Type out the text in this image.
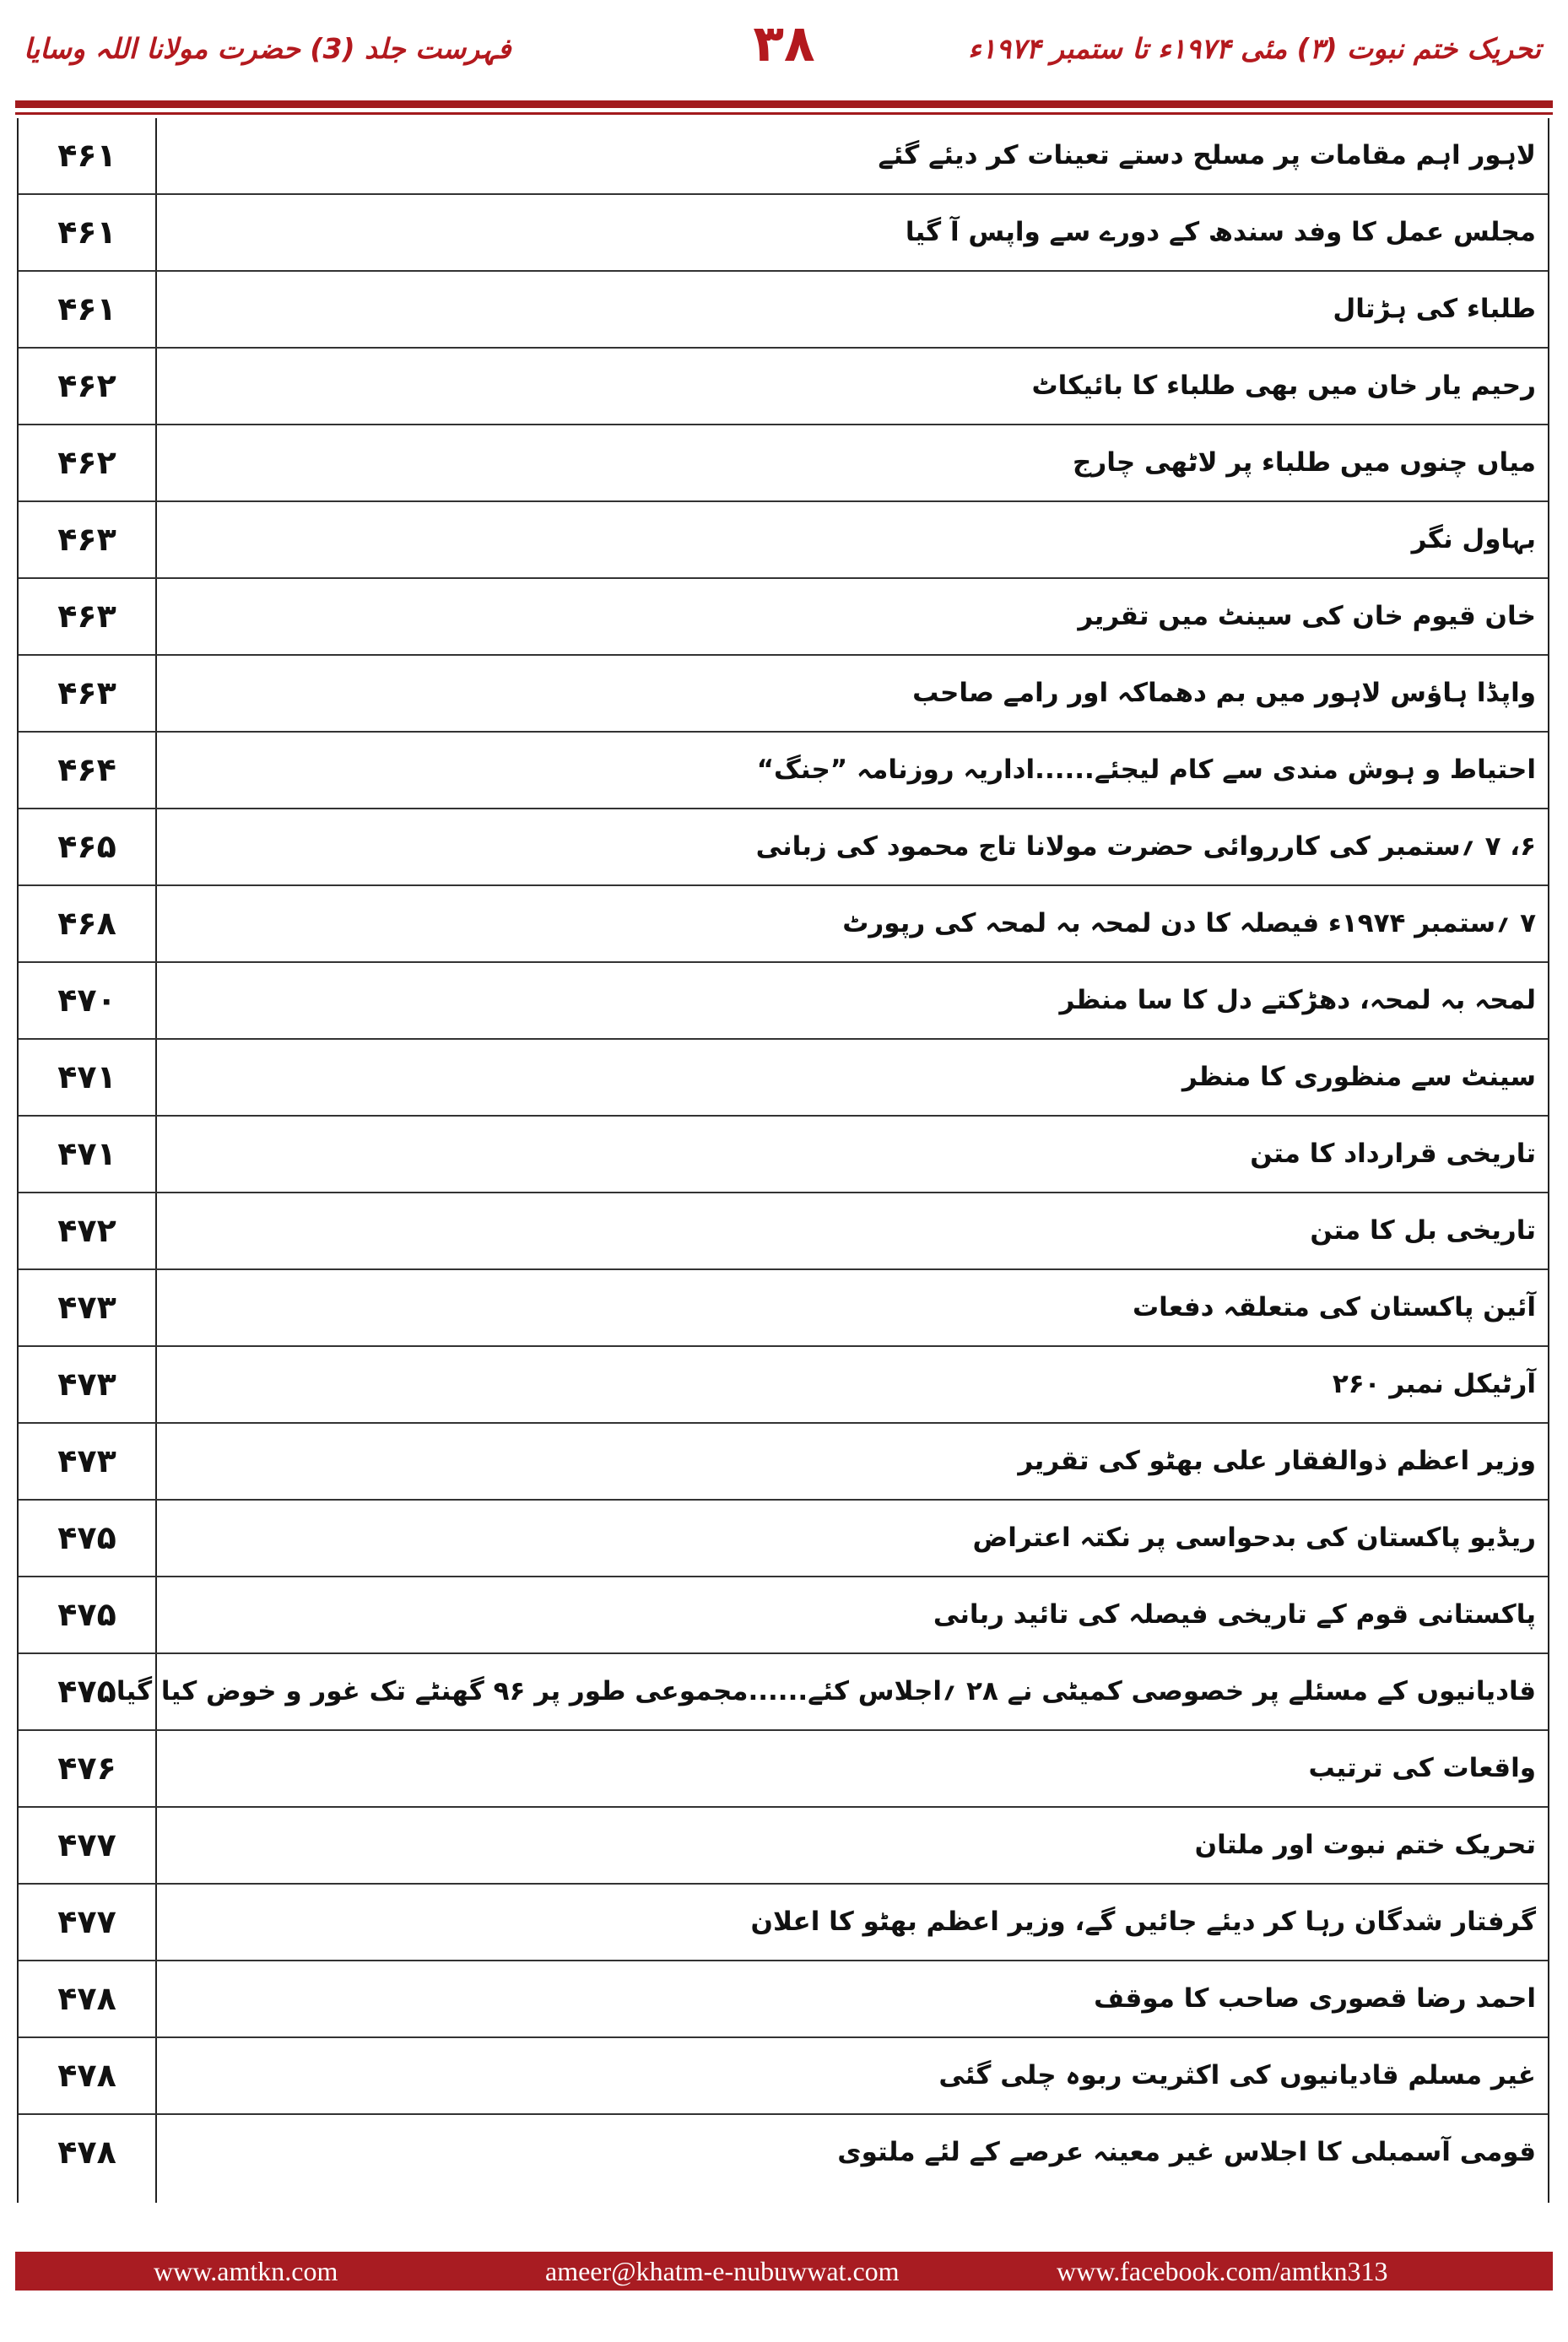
تحریک ختم نبوت (۳) مئی ۱۹۷۴ء تا ستمبر ۱۹۷۴ء
۳۸
فہرست جلد (3) حضرت مولانا اللہ وسایا
۴۶۱	لاہور اہم مقامات پر مسلح دستے تعینات کر دیئے گئے
۴۶۱	مجلس عمل کا وفد سندھ کے دورے سے واپس آ گیا
۴۶۱	طلباء کی ہڑتال
۴۶۲	رحیم یار خان میں بھی طلباء کا بائیکاٹ
۴۶۲	میاں چنوں میں طلباء پر لاٹھی چارج
۴۶۳	بہاول نگر
۴۶۳	خان قیوم خان کی سینٹ میں تقریر
۴۶۳	واپڈا ہاؤس لاہور میں بم دھماکہ اور رامے صاحب
۴۶۴	احتیاط و ہوش مندی سے کام لیجئے......اداریہ روزنامہ ”جنگ“
۴۶۵	۶، ۷ ؍ستمبر کی کارروائی حضرت مولانا تاج محمود کی زبانی
۴۶۸	۷ ؍ستمبر ۱۹۷۴ء فیصلہ کا دن لمحہ بہ لمحہ کی رپورٹ
۴۷۰	لمحہ بہ لمحہ، دھڑکتے دل کا سا منظر
۴۷۱	سینٹ سے منظوری کا منظر
۴۷۱	تاریخی قرارداد کا متن
۴۷۲	تاریخی بل کا متن
۴۷۳	آئین پاکستان کی متعلقہ دفعات
۴۷۳	آرٹیکل نمبر ۲۶۰
۴۷۳	وزیر اعظم ذوالفقار علی بھٹو کی تقریر
۴۷۵	ریڈیو پاکستان کی بدحواسی پر نکتہ اعتراض
۴۷۵	پاکستانی قوم کے تاریخی فیصلہ کی تائید ربانی
۴۷۵ قادیانیوں کے مسئلے پر خصوصی کمیٹی نے ۲۸ ؍اجلاس کئے......مجموعی طور پر ۹۶ گھنٹے تک غور و خوض کیا گیا
۴۷۶	واقعات کی ترتیب
۴۷۷	تحریک ختم نبوت اور ملتان
۴۷۷	گرفتار شدگان رہا کر دیئے جائیں گے، وزیر اعظم بھٹو کا اعلان
۴۷۸	احمد رضا قصوری صاحب کا موقف
۴۷۸	غیر مسلم قادیانیوں کی اکثریت ربوہ چلی گئی
۴۷۸	قومی آسمبلی کا اجلاس غیر معینہ عرصے کے لئے ملتوی
www.amtkn.com	ameer@khatm-e-nubuwwat.com	www.facebook.com/amtkn313
